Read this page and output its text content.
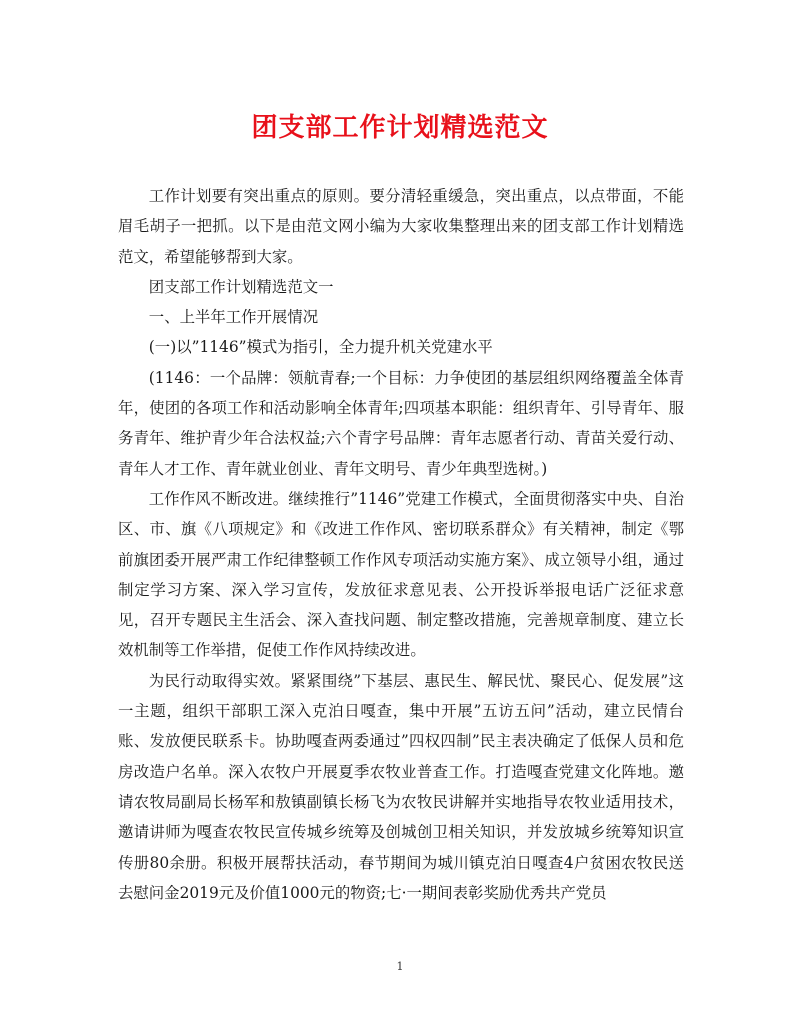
团支部工作计划精选范文

工作计划要有突出重点的原则。要分清轻重缓急，突出重点，以点带面，不能眉毛胡子一把抓。以下是由范文网小编为大家收集整理出来的团支部工作计划精选范文，希望能够帮到大家。

团支部工作计划精选范文一

一、上半年工作开展情况

(一)以”1146”模式为指引，全力提升机关党建水平

(1146：一个品牌：领航青春;一个目标：力争使团的基层组织网络覆盖全体青年，使团的各项工作和活动影响全体青年;四项基本职能：组织青年、引导青年、服务青年、维护青少年合法权益;六个青字号品牌：青年志愿者行动、青苗关爱行动、青年人才工作、青年就业创业、青年文明号、青少年典型选树。)

工作作风不断改进。继续推行”1146”党建工作模式，全面贯彻落实中央、自治区、市、旗《八项规定》和《改进工作作风、密切联系群众》有关精神，制定《鄂前旗团委开展严肃工作纪律整顿工作作风专项活动实施方案》、成立领导小组，通过制定学习方案、深入学习宣传，发放征求意见表、公开投诉举报电话广泛征求意见，召开专题民主生活会、深入查找问题、制定整改措施，完善规章制度、建立长效机制等工作举措，促使工作作风持续改进。

为民行动取得实效。紧紧围绕”下基层、惠民生、解民忧、聚民心、促发展”这一主题，组织干部职工深入克泊日嘎查，集中开展”五访五问”活动，建立民情台账、发放便民联系卡。协助嘎查两委通过”四权四制”民主表决确定了低保人员和危房改造户名单。深入农牧户开展夏季农牧业普查工作。打造嘎查党建文化阵地。邀请农牧局副局长杨军和敖镇副镇长杨飞为农牧民讲解并实地指导农牧业适用技术，邀请讲师为嘎查农牧民宣传城乡统筹及创城创卫相关知识，并发放城乡统筹知识宣传册80余册。积极开展帮扶活动，春节期间为城川镇克泊日嘎查4户贫困农牧民送去慰问金2019元及价值1000元的物资;七·一期间表彰奖励优秀共产党员

1
